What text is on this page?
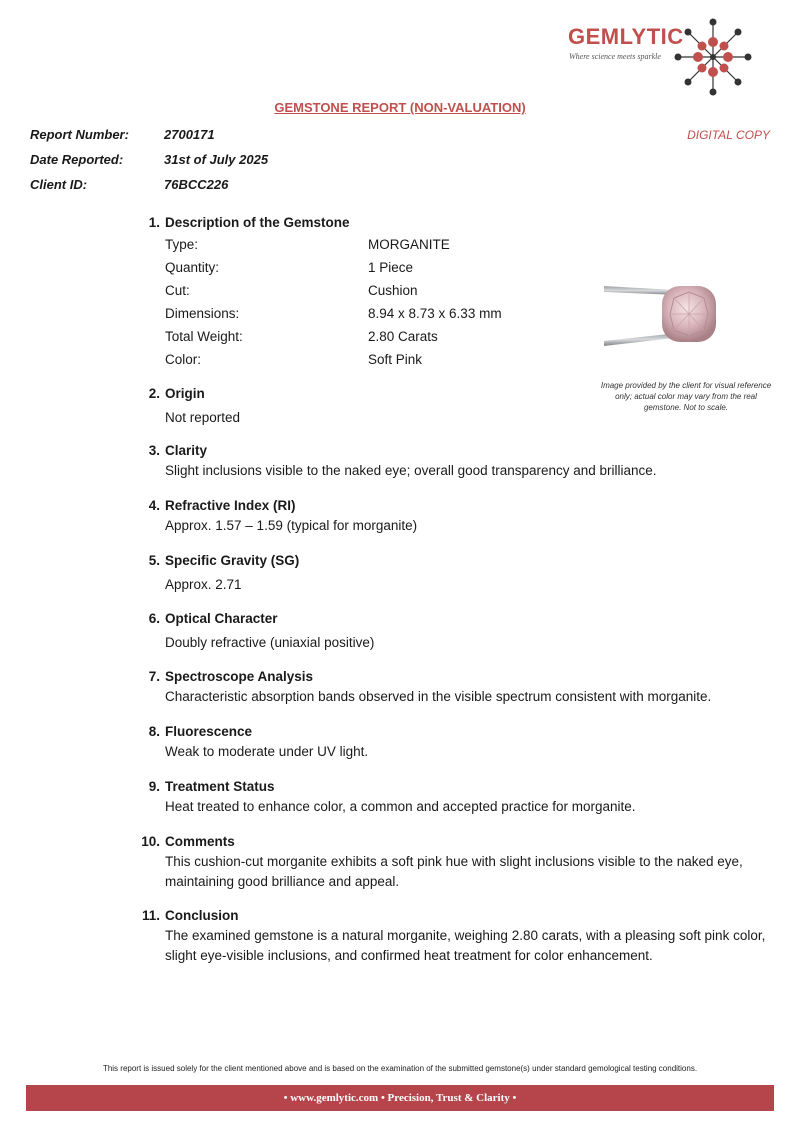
GEMLYTIC
Where science meets sparkle
GEMSTONE REPORT (NON-VALUATION)
DIGITAL COPY
Report Number:	2700171
Date Reported:	31st of July 2025
Client ID:	76BCC226
1. Description of the Gemstone
Type:	MORGANITE
Quantity:	1 Piece
Cut:	Cushion
Dimensions:	8.94 x 8.73 x 6.33 mm
Total Weight:	2.80 Carats
Color:	Soft Pink
Image provided by the client for visual reference only; actual color may vary from the real gemstone. Not to scale.
2. Origin
Not reported
3. Clarity
Slight inclusions visible to the naked eye; overall good transparency and brilliance.
4. Refractive Index (RI)
Approx. 1.57 – 1.59 (typical for morganite)
5. Specific Gravity (SG)
Approx. 2.71
6. Optical Character
Doubly refractive (uniaxial positive)
7. Spectroscope Analysis
Characteristic absorption bands observed in the visible spectrum consistent with morganite.
8. Fluorescence
Weak to moderate under UV light.
9. Treatment Status
Heat treated to enhance color, a common and accepted practice for morganite.
10. Comments
This cushion-cut morganite exhibits a soft pink hue with slight inclusions visible to the naked eye, maintaining good brilliance and appeal.
11. Conclusion
The examined gemstone is a natural morganite, weighing 2.80 carats, with a pleasing soft pink color, slight eye-visible inclusions, and confirmed heat treatment for color enhancement.
This report is issued solely for the client mentioned above and is based on the examination of the submitted gemstone(s) under standard gemological testing conditions.
• www.gemlytic.com • Precision, Trust & Clarity •
